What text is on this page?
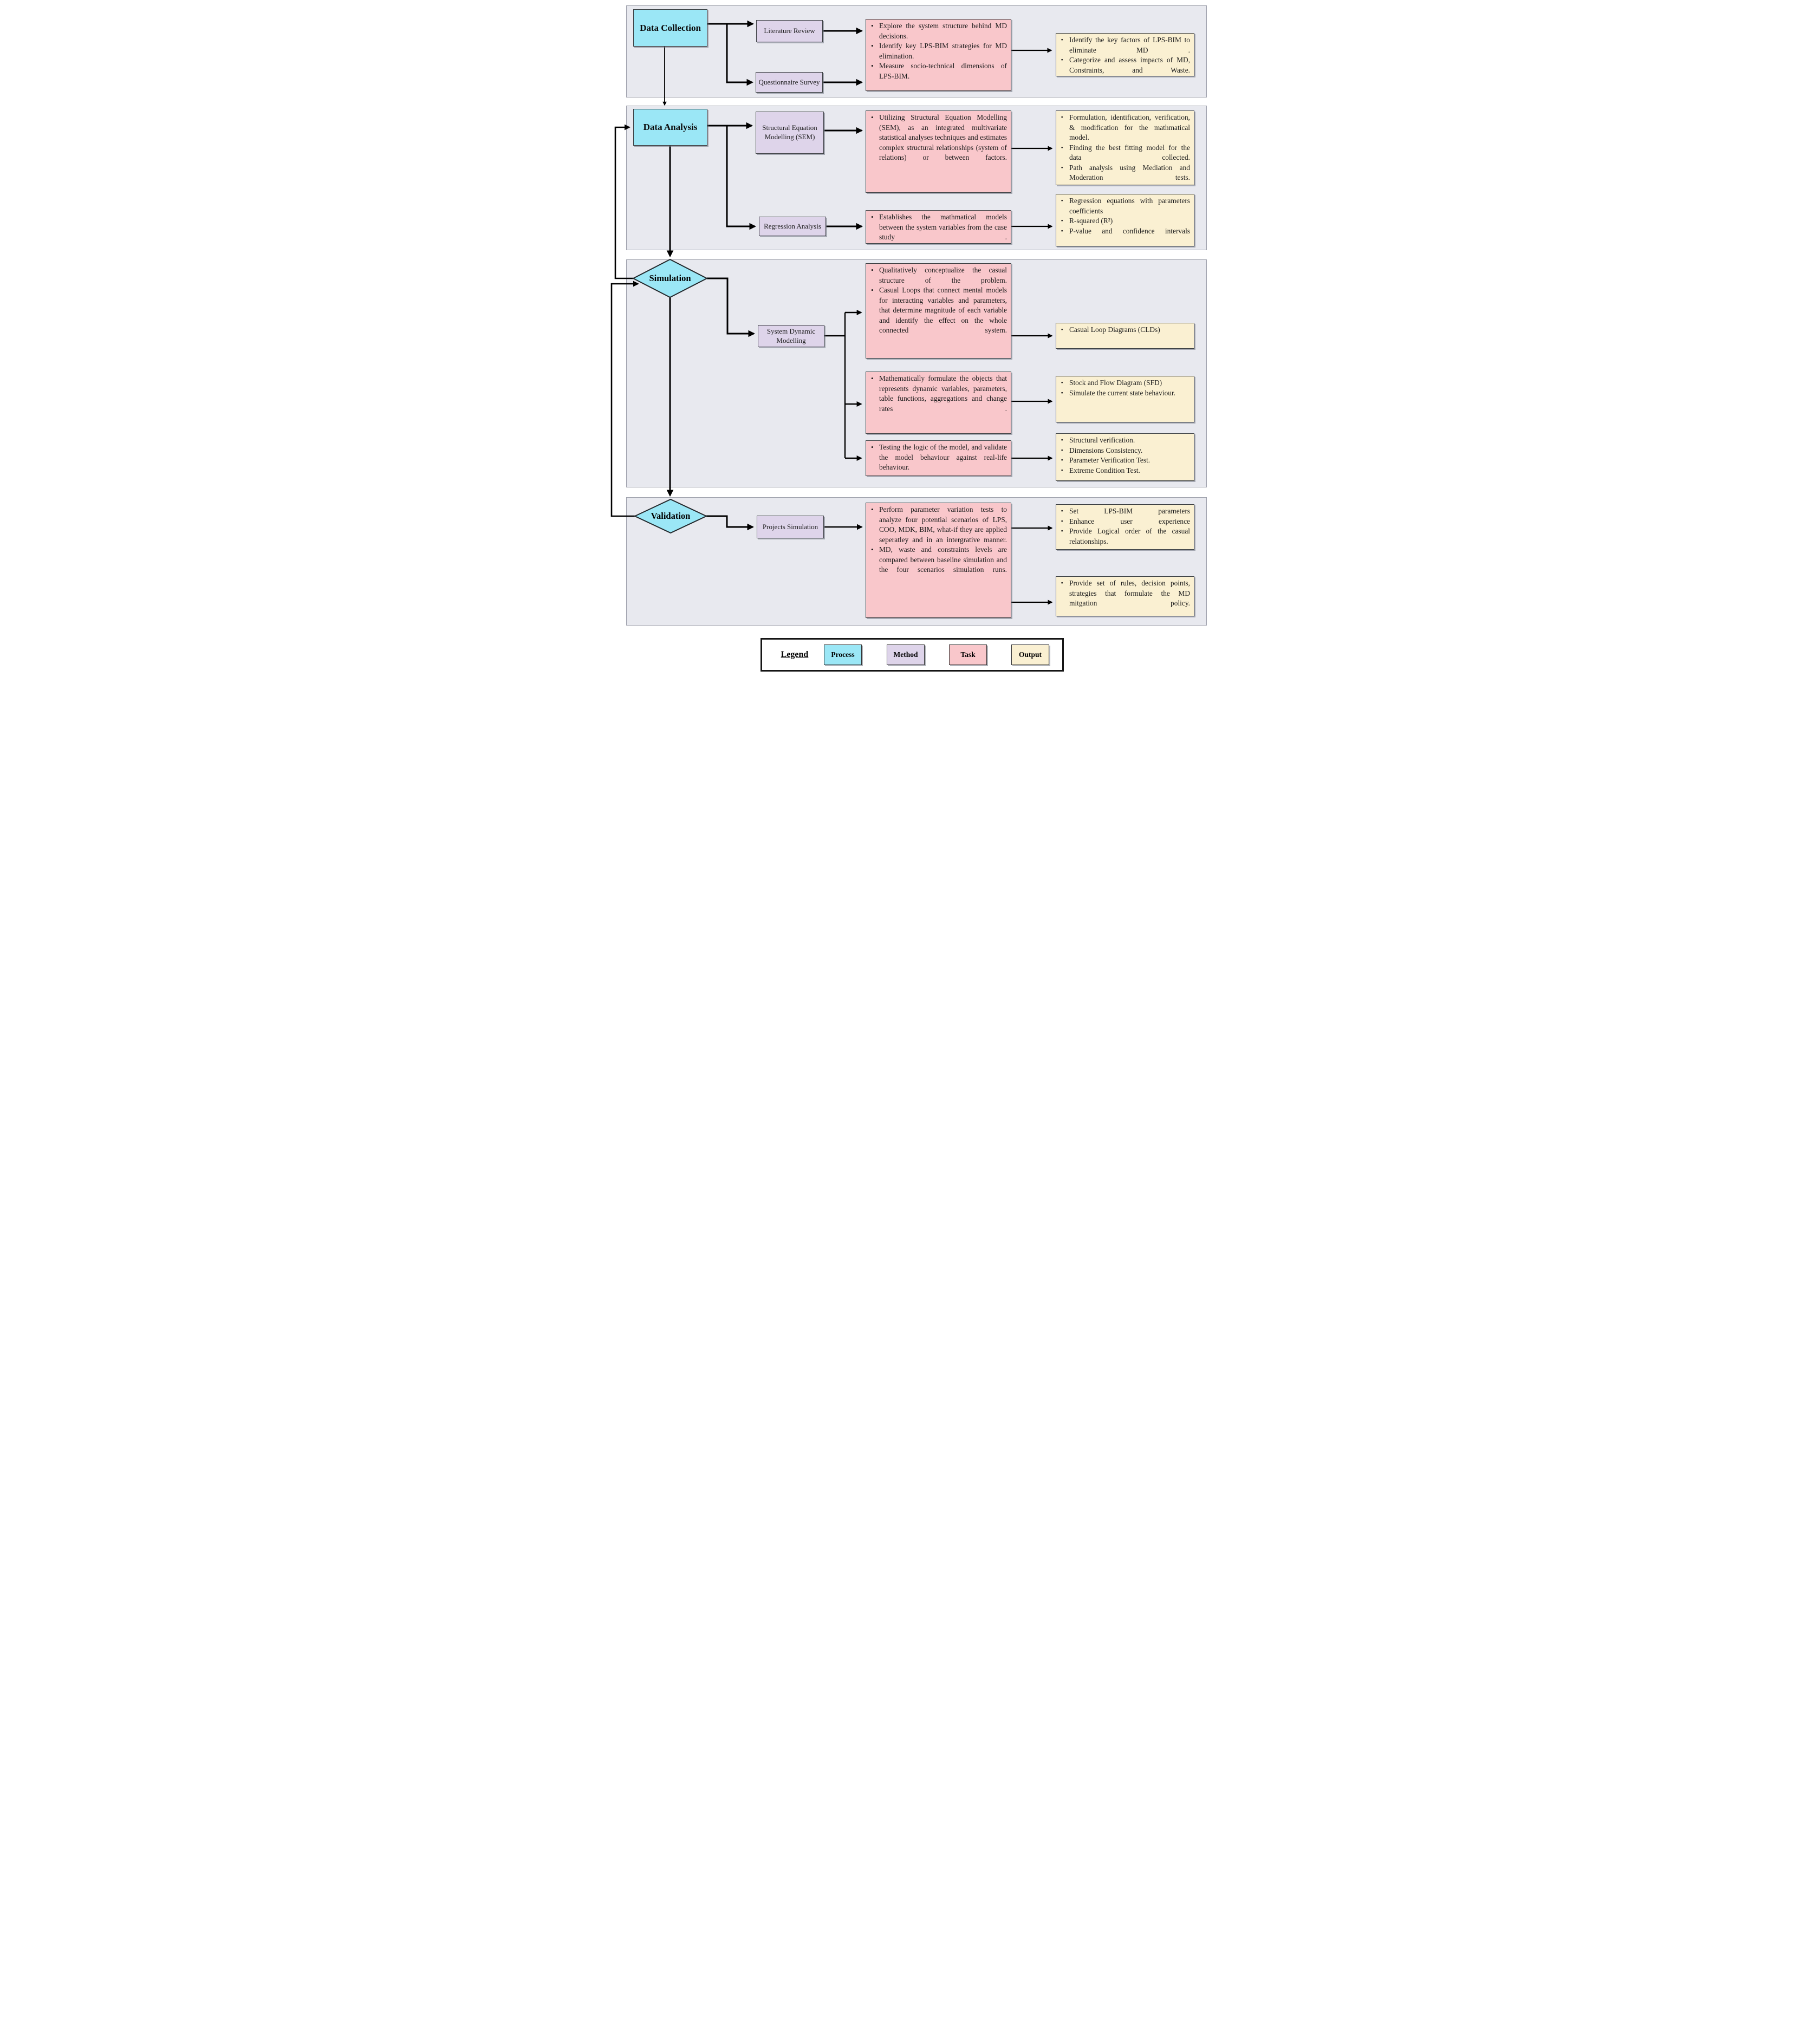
Data Collection
Data Analysis
Simulation
Validation
Literature Review
Questionnaire Survey
Structural Equation Modelling (SEM)
Regression Analysis
System Dynamic Modelling
Projects Simulation
• Explore the system structure behind MD decisions.
• Identify key LPS-BIM strategies for MD elimination.
• Measure socio-technical dimensions of LPS-BIM.
• Utilizing Structural Equation Modelling (SEM), as an integrated multivariate statistical analyses techniques and estimates complex structural relationships (system of relations) or between factors.
• Establishes the mathmatical models between the system variables from the case study .
• Qualitatively conceptualize the casual structure of the problem.
• Casual Loops that connect mental models for interacting variables and parameters, that determine magnitude of each variable and identify the effect on the whole connected system.
• Mathematically formulate the objects that represents dynamic variables, parameters, table functions, aggregations and change rates .
• Testing the logic of the model, and validate the model behaviour against real-life behaviour.
• Perform parameter variation tests to analyze four potential scenarios of LPS, COO, MDK, BIM, what-if they are applied seperatley and in an intergrative manner.
• MD, waste and constraints levels are compared between baseline simulation and the four scenarios simulation runs.
▪ Identify the key factors of LPS-BIM to eliminate MD .
▪ Categorize and assess impacts of MD, Constraints, and Waste.
▪ Formulation, identification, verification, & modification for the mathmatical model.
▪ Finding the best fitting model for the data collected.
▪ Path analysis using Mediation and Moderation tests.
▪ Regression equations with parameters coefficients
▪ R-squared (R²)
▪ P-value and confidence intervals
▪ Casual Loop Diagrams (CLDs)
▪ Stock and Flow Diagram (SFD)
▪ Simulate the current state behaviour.
▪ Structural verification.
▪ Dimensions Consistency.
▪ Parameter Verification Test.
▪ Extreme Condition Test.
▪ Set LPS-BIM parameters
▪ Enhance user experience
▪ Provide Logical order of the casual relationships.
▪ Provide set of rules, decision points, strategies that formulate the MD mitgation policy.
Legend	Process	Method	Task	Output
